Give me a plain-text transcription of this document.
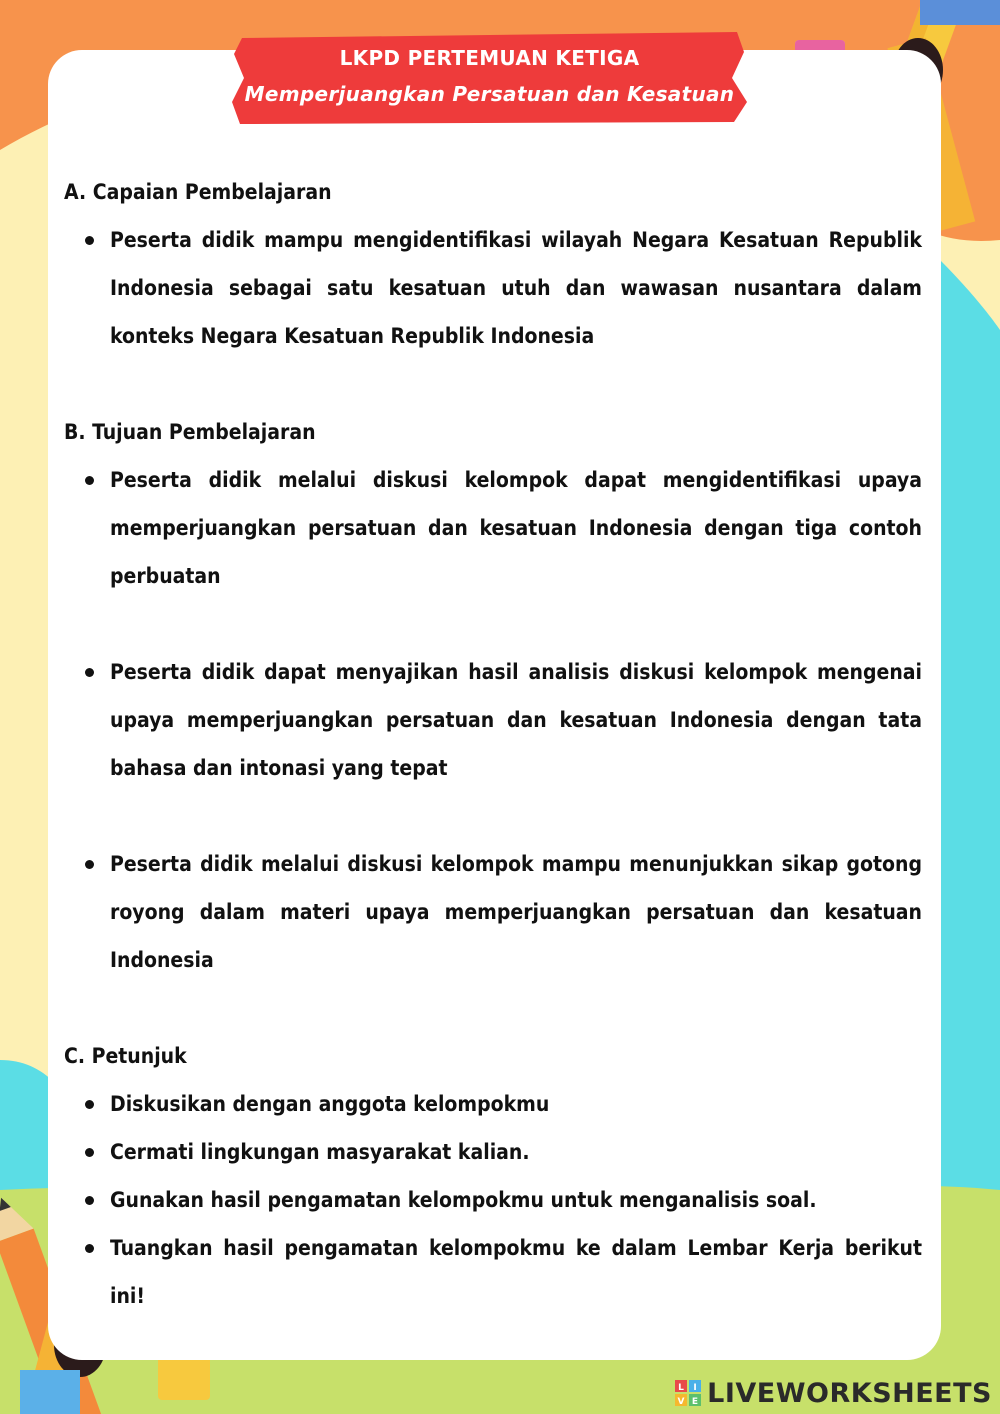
LKPD PERTEMUAN KETIGA
Memperjuangkan Persatuan dan Kesatuan
A. Capaian Pembelajaran
Peserta didik mampu mengidentifikasi wilayah Negara Kesatuan Republik Indonesia sebagai satu kesatuan utuh dan wawasan nusantara dalam konteks Negara Kesatuan Republik Indonesia
B. Tujuan Pembelajaran
Peserta didik melalui diskusi kelompok dapat mengidentifikasi upaya memperjuangkan persatuan dan kesatuan Indonesia dengan tiga contoh perbuatan
Peserta didik dapat menyajikan hasil analisis diskusi kelompok mengenai upaya memperjuangkan persatuan dan kesatuan Indonesia dengan tata bahasa dan intonasi yang tepat
Peserta didik melalui diskusi kelompok mampu menunjukkan sikap gotong royong dalam materi upaya memperjuangkan persatuan dan kesatuan Indonesia
C. Petunjuk
Diskusikan dengan anggota kelompokmu
Cermati lingkungan masyarakat kalian.
Gunakan hasil pengamatan kelompokmu untuk menganalisis soal.
Tuangkan hasil pengamatan kelompokmu ke dalam Lembar Kerja berikut ini!
L I
V E LIVEWORKSHEETS
